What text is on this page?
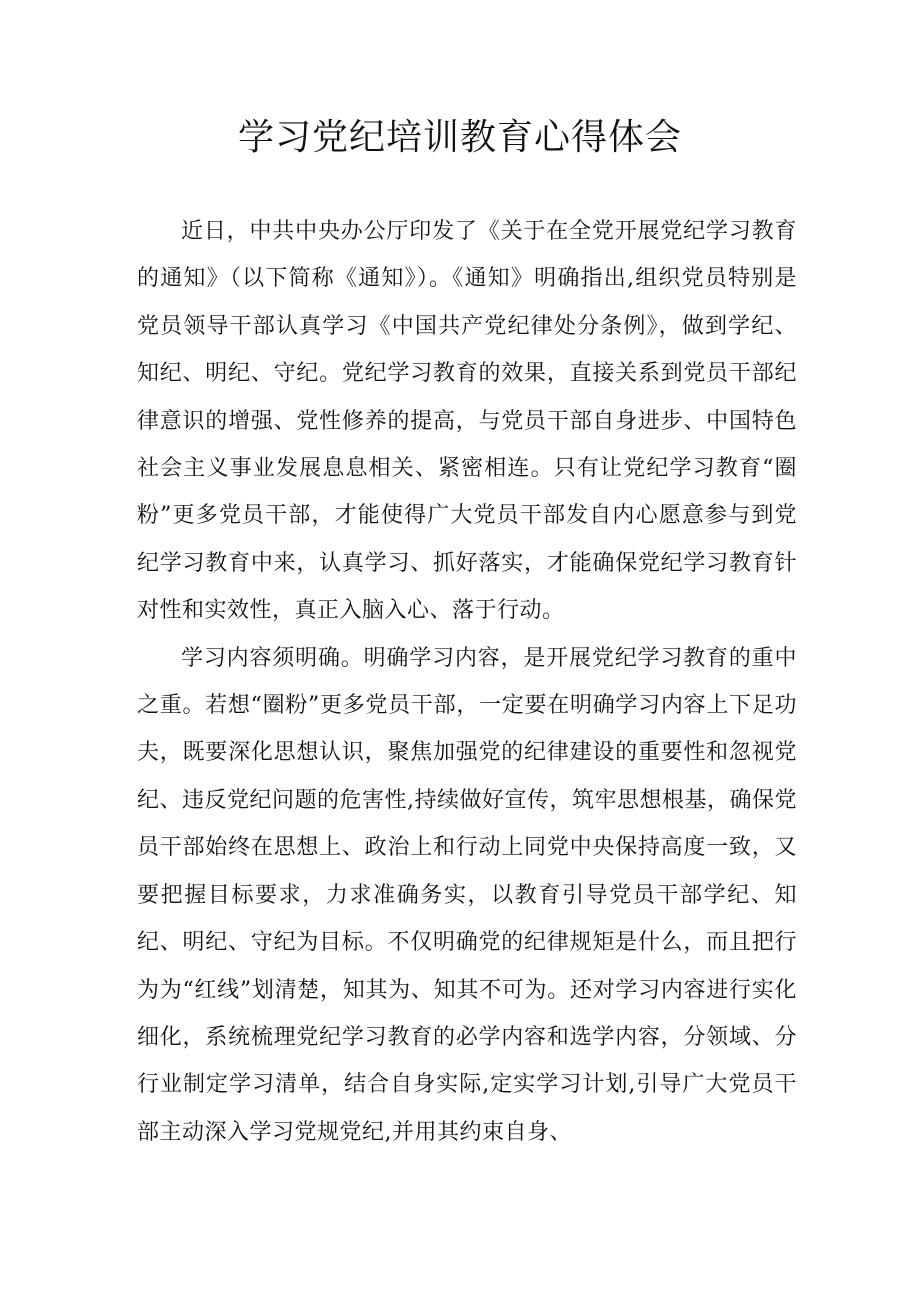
学习党纪培训教育心得体会

近日，中共中央办公厅印发了《关于在全党开展党纪学习教育的通知》（以下简称《通知》）。《通知》明确指出,组织党员特别是党员领导干部认真学习《中国共产党纪律处分条例》，做到学纪、知纪、明纪、守纪。党纪学习教育的效果，直接关系到党员干部纪律意识的增强、党性修养的提高，与党员干部自身进步、中国特色社会主义事业发展息息相关、紧密相连。只有让党纪学习教育“圈粉”更多党员干部，才能使得广大党员干部发自内心愿意参与到党纪学习教育中来，认真学习、抓好落实，才能确保党纪学习教育针对性和实效性，真正入脑入心、落于行动。

学习内容须明确。明确学习内容，是开展党纪学习教育的重中之重。若想“圈粉”更多党员干部，一定要在明确学习内容上下足功夫，既要深化思想认识，聚焦加强党的纪律建设的重要性和忽视党纪、违反党纪问题的危害性,持续做好宣传，筑牢思想根基，确保党员干部始终在思想上、政治上和行动上同党中央保持高度一致，又要把握目标要求，力求准确务实，以教育引导党员干部学纪、知纪、明纪、守纪为目标。不仅明确党的纪律规矩是什么，而且把行为为“红线”划清楚，知其为、知其不可为。还对学习内容进行实化细化，系统梳理党纪学习教育的必学内容和选学内容，分领域、分行业制定学习清单，结合自身实际,定实学习计划,引导广大党员干部主动深入学习党规党纪,并用其约束自身、
